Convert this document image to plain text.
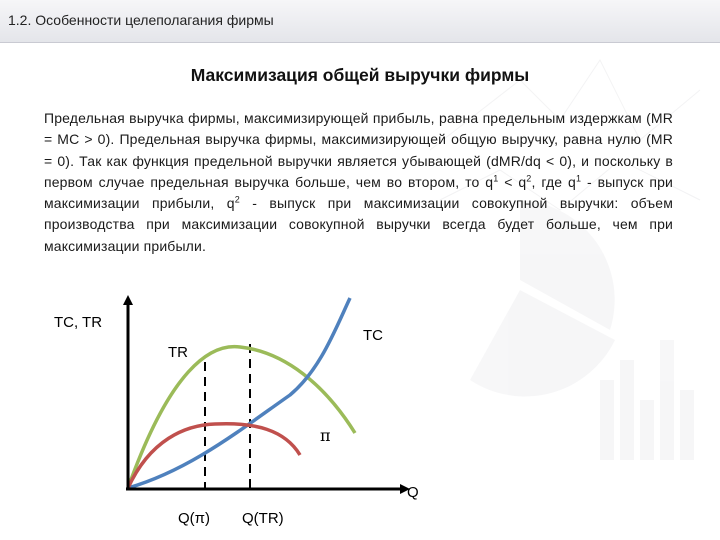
1.2. Особенности целеполагания фирмы
Максимизация общей выручки фирмы
Предельная выручка фирмы, максимизирующей прибыль, равна предельным издержкам (MR = MC > 0). Предельная выручка фирмы, максимизирующей общую выручку, равна нулю (MR = 0). Так как функция предельной выручки является убывающей (dMR/dq < 0), и поскольку в первом случае предельная выручка больше, чем во втором, то $q^1 < q^2$, где $q^1$ - выпуск при максимизации прибыли, $q^2$ - выпуск при максимизации совокупной выручки: объем производства при максимизации совокупной выручки всегда будет больше, чем при максимизации прибыли.
TC, TR
Q
TC
TR
π
Q(π) Q(TR)
